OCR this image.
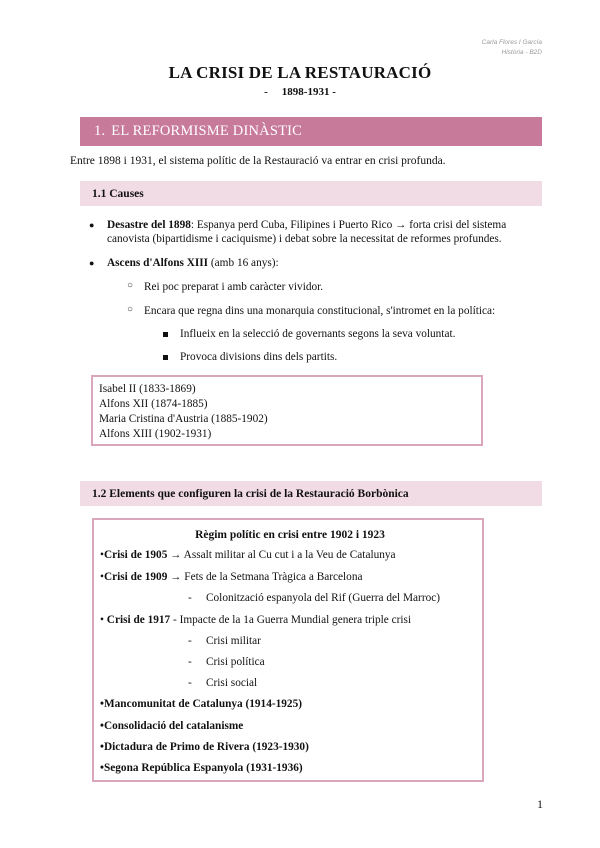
Carla Flores I García
Història - B2D
LA CRISI DE LA RESTAURACIÓ
- 1898-1931 -
1. EL REFORMISME DINÀSTIC
Entre 1898 i 1931, el sistema polític de la Restauració va entrar en crisi profunda.
1.1 Causes
● Desastre del 1898: Espanya perd Cuba, Filipines i Puerto Rico → forta crisi del sistema
canovista (bipartidisme i caciquisme) i debat sobre la necessitat de reformes profundes.
● Ascens d'Alfons XIII (amb 16 anys):
○ Rei poc preparat i amb caràcter vividor.
○ Encara que regna dins una monarquia constitucional, s'intromet en la política:
Influeix en la selecció de governants segons la seva voluntat.
Provoca divisions dins dels partits.
Isabel II (1833-1869)
Alfons XII (1874-1885)
Maria Cristina d'Austria (1885-1902)
Alfons XIII (1902-1931)
1.2 Elements que configuren la crisi de la Restauració Borbònica
Règim polític en crisi entre 1902 i 1923
•Crisi de 1905 → Assalt militar al Cu cut i a la Veu de Catalunya
•Crisi de 1909 → Fets de la Setmana Tràgica a Barcelona
- Colonització espanyola del Rif (Guerra del Marroc)
• Crisi de 1917 - Impacte de la 1a Guerra Mundial genera triple crisi
- Crisi militar
- Crisi política
- Crisi social
•Mancomunitat de Catalunya (1914-1925)
•Consolidació del catalanisme
•Dictadura de Primo de Rivera (1923-1930)
•Segona República Espanyola (1931-1936)
1
